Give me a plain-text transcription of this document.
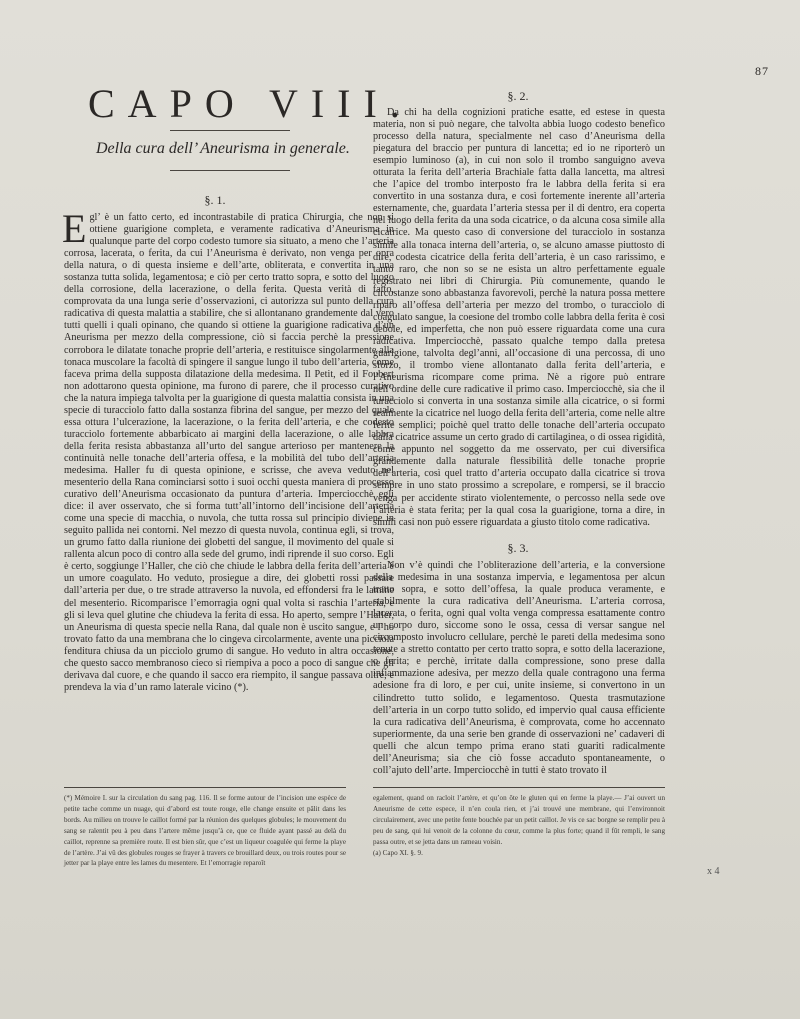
87
CAPO VIII.
Della cura dell’ Aneurisma in generale.
§. 1.

Egl’ è un fatto certo, ed incontrastabile di pratica Chirurgia, che non si ottiene guarigione completa, e veramente radicativa d’Aneurisma in qualunque parte del corpo codesto tumore sia situato, a meno che l’arteria corrosa, lacerata, o ferita, da cui l’Aneurisma è derivato, non venga per opra della natura, o di questa insieme e dell’arte, obliterata, e convertita in una sostanza tutta solida, legamentosa; e ciò per certo tratto sopra, e sotto del luogo della corrosione, della lacerazione, o della ferita. Questa verità di fatto, comprovata da una lunga serie d’osservazioni, ci autorizza sul punto della cura radicativa di questa malattia a stabilire, che si allontanano grandemente dal vero tutti quelli i quali opinano, che quando si ottiene la guarigione radicativa d’un Aneurisma per mezzo della compressione, ciò si faccia perchè la pressione corrobora le dilatate tonache proprie dell’arteria, e restituisce singolarmente alla tonaca muscolare la facoltà di spingere il sangue lungo il tubo dell’arteria, come faceva prima della supposta dilatazione della medesima. Il Petit, ed il Foubert non adottarono questa opinione, ma furono di parere, che il processo curativo che la natura impiega talvolta per la guarigione di questa malattia consista in una specie di turacciolo fatto dalla sostanza fibrina del sangue, per mezzo del quale essa ottura l’ulcerazione, la lacerazione, o la ferita dell’arteria, e che codesto turacciolo fortemente abbarbicato ai margini della lacerazione, o alle labbra della ferita resista abbastanza all’urto del sangue arterioso per mantenere la continuità nelle tonache dell’arteria offesa, e la mobilità del tubo dell’arteria medesima. Haller fu di questa opinione, e scrisse, che aveva veduto nel mesenterio della Rana cominciarsi sotto i suoi occhi questa maniera di processo curativo dell’Aneurisma occasionato da puntura d’arteria. Imperciocchè egli dice: il aver osservato, che si forma tutt’all’intorno dell’incisione dell’arteria come una specie di macchia, o nuvola, che tutta rossa sul principio diviene in seguito pallida nei contorni. Nel mezzo di questa nuvola, continua egli, si trova, un grumo fatto dalla riunione dei globetti del sangue, il movimento del quale si rallenta alcun poco di contro alla sede del grumo, indi riprende il suo corso. Egli è certo, soggiunge l’Haller, che ciò che chiude le labbra della ferita dell’arteria è un umore coagulato. Ho veduto, prosiegue a dire, dei globetti rossi passare dall’arteria per due, o tre strade attraverso la nuvola, ed effondersi fra le lamine del mesenterio. Ricomparisce l’emorragia ogni qual volta si raschia l’arteria, e gli si leva quel glutine che chiudeva la ferita di essa. Ho aperto, sempre l’Haller, un Aneurisma di questa specie nella Rana, dal quale non è uscito sangue, e l’ho trovato fatto da una membrana che lo cingeva circolarmente, avente una picciola fenditura chiusa da un picciolo grumo di sangue. Ho veduto in altra occasione, che questo sacco membranoso cieco si riempiva a poco a poco di sangue che gli derivava dal cuore, e che quando il sacco era riempito, il sangue passava oltre, e prendeva la via d’un ramo laterale vicino (*).

§. 2.

Da chi ha della cognizioni pratiche esatte, ed estese in questa materia, non si può negare, che talvolta abbia luogo codesto benefico processo della natura, specialmente nel caso d’Aneurisma della piegatura del braccio per puntura di lancetta; ed io ne riporterò un esempio luminoso (a), in cui non solo il trombo sanguigno aveva otturata la ferita dell’arteria Brachiale fatta dalla lancetta, ma altresì che l’apice del trombo interposto fra le labbra della ferita si era convertito in una sostanza dura, e così fortemente inerente all’arteria esternamente, che, guardata l’arteria stessa per il di dentro, era coperta nel luogo della ferita da una soda cicatrice, o da alcuna cosa simile alla cicatrice. Ma questo caso di conversione del turacciolo in sostanza simile alla tonaca interna dell’arteria, o, se alcuno amasse piuttosto di dire, codesta cicatrice della ferita dell’arteria, è un caso rarissimo, e tanto raro, che non so se ne esista un altro perfettamente eguale registrato nei libri di Chirurgia. Più comunemente, quando le circostanze sono abbastanza favorevoli, perchè la natura possa mettere riparo all’offesa dell’arteria per mezzo del trombo, o turacciolo di coagulato sangue, la coesione del trombo colle labbra della ferita è così debole, ed imperfetta, che non può essere riguardata come una cura radicativa. Imperciocchè, passato qualche tempo dalla pretesa guarigione, talvolta degl’anni, all’occasione di una percossa, di uno sforzo, il trombo viene allontanato dalla ferita dell’arteria, e l’Aneurisma ricompare come prima. Nè a rigore può entrare nell’ordine delle cure radicative il primo caso. Imperciocchè, sia che il turacciolo si converta in una sostanza simile alla cicatrice, o si formi realmente la cicatrice nel luogo della ferita dell’arteria, come nelle altre ferite semplici; poichè quel tratto delle tonache dell’arteria occupato dalla cicatrice assume un certo grado di cartilaginea, o di ossea rigidità, come appunto nel soggetto da me osservato, per cui diversifica grandemente dalla naturale flessibilità delle tonache proprie dell’arteria, così quel tratto d’arteria occupato dalla cicatrice si trova sempre in uno stato prossimo a screpolare, e rompersi, se il braccio venga per accidente stirato violentemente, o percosso nella sede ove l’arteria è stata ferita; per la qual cosa la guarigione, torna a dire, in simili casi non può essere riguardata a giusto titolo come radicativa.

§. 3.

Non v’è quindi che l’obliterazione dell’arteria, e la conversione della medesima in una sostanza impervia, e legamentosa per alcun tratto sopra, e sotto dell’offesa, la quale produca veramente, e stabilmente la cura radicativa dell’Aneurisma. L’arteria corrosa, lacerata, o ferita, ogni qual volta venga compressa esattamente contro un corpo duro, siccome sono le ossa, cessa di versar sangue nel circomposto involucro cellulare, perchè le pareti della medesima sono tenute a stretto contatto per certo tratto sopra, e sotto della lacerazione, o ferita; e perchè, irritate dalla compressione, sono prese dalla infiammazione adesiva, per mezzo della quale contragono una ferma adesione fra di loro, e per cui, unite insieme, si convertono in un cilindretto tutto solido, e legamentoso. Questa trasmutazione dell’arteria in un corpo tutto solido, ed impervio qual causa efficiente la cura radicativa dell’Aneurisma, è comprovata, come ho accennato superiormente, da una serie ben grande di osservazioni ne’ cadaveri di quelli che alcun tempo prima erano stati guariti radicalmente dell’Aneurisma; sia che ciò fosse accaduto spontaneamente, o coll’ajuto dell’arte. Imperciocchè in tutti è stato trovato il

(*) Mémoire I. sur la circulation du sang pag. 116. Il se forme autour de l’incision une espèce de petite tache comme un nuage, qui d’abord est toute rouge, elle change ensuite et pâlit dans les bords. Au milieu on trouve le caillot formé par la réunion des quelques globules; le mouvement du sang se ralentit peu à peu dans l’artere même jusqu’à ce, que ce fluide ayant passé au delà du caillot, reprenne sa première route. Il est bien sûr, que c’est un liqueur coagulée qui ferme la playe de l’artère. J’ai vû des globules rouges se frayer à travers ce brouillard deux, ou trois routes pour se jetter par la playe entre les lames du mesentere. Et l’emorragie reparoît

egalement, quand on racloit l’artère, et qu’on ôte le gluten qui en ferme la playe.— J’ai ouvert un Aneurisme de cette espece, il n’en coula rien, et j’ai trouvé une membrane, qui l’environnoit circulairement, avec une petite fente bouchée par un petit caillot. Je vis ce sac borgne se remplir peu à peu de sang, qui lui venoit de la colonne du cœur, comme la plus forte; quand il fût rempli, le sang passa outre, et se jetta dans un rameau voisin.

(a) Capo XI. §. 9.

x 4
